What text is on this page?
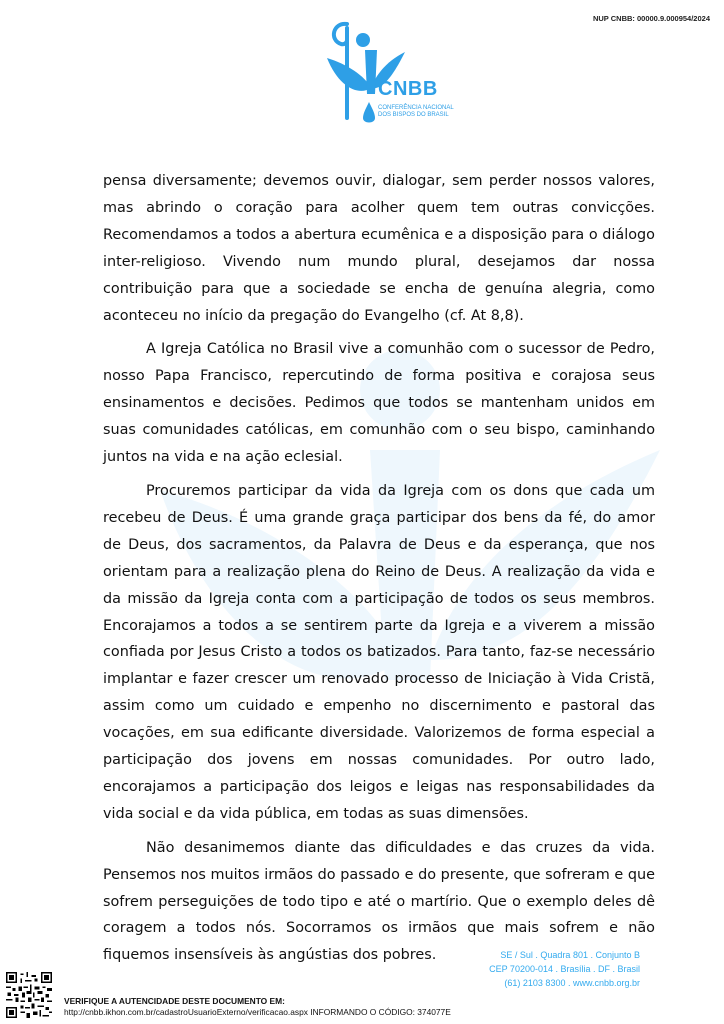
NUP CNBB: 00000.9.000954/2024
CNBB
CONFERÊNCIA NACIONAL
DOS BISPOS DO BRASIL

pensa diversamente; devemos ouvir, dialogar, sem perder nossos valores, mas abrindo o coração para acolher quem tem outras convicções. Recomendamos a todos a abertura ecumênica e a disposição para o diálogo inter-religioso. Vivendo num mundo plural, desejamos dar nossa contribuição para que a sociedade se encha de genuína alegria, como aconteceu no início da pregação do Evangelho (cf. At 8,8).

A Igreja Católica no Brasil vive a comunhão com o sucessor de Pedro, nosso Papa Francisco, repercutindo de forma positiva e corajosa seus ensinamentos e decisões. Pedimos que todos se mantenham unidos em suas comunidades católicas, em comunhão com o seu bispo, caminhando juntos na vida e na ação eclesial.

Procuremos participar da vida da Igreja com os dons que cada um recebeu de Deus. É uma grande graça participar dos bens da fé, do amor de Deus, dos sacramentos, da Palavra de Deus e da esperança, que nos orientam para a realização plena do Reino de Deus. A realização da vida e da missão da Igreja conta com a participação de todos os seus membros. Encorajamos a todos a se sentirem parte da Igreja e a viverem a missão confiada por Jesus Cristo a todos os batizados. Para tanto, faz-se necessário implantar e fazer crescer um renovado processo de Iniciação à Vida Cristã, assim como um cuidado e empenho no discernimento e pastoral das vocações, em sua edificante diversidade. Valorizemos de forma especial a participação dos jovens em nossas comunidades. Por outro lado, encorajamos a participação dos leigos e leigas nas responsabilidades da vida social e da vida pública, em todas as suas dimensões.

Não desanimemos diante das dificuldades e das cruzes da vida. Pensemos nos muitos irmãos do passado e do presente, que sofreram e que sofrem perseguições de todo tipo e até o martírio. Que o exemplo deles dê coragem a todos nós. Socorramos os irmãos que mais sofrem e não fiquemos insensíveis às angústias dos pobres.	SE / Sul . Quadra 801 . Conjunto B
CEP 70200-014 . Brasília . DF . Brasil
(61) 2103 8300 . www.cnbb.org.br
VERIFIQUE A AUTENCIDADE DESTE DOCUMENTO EM:
http://cnbb.ikhon.com.br/cadastroUsuarioExterno/verificacao.aspx INFORMANDO O CÓDIGO: 374077E
